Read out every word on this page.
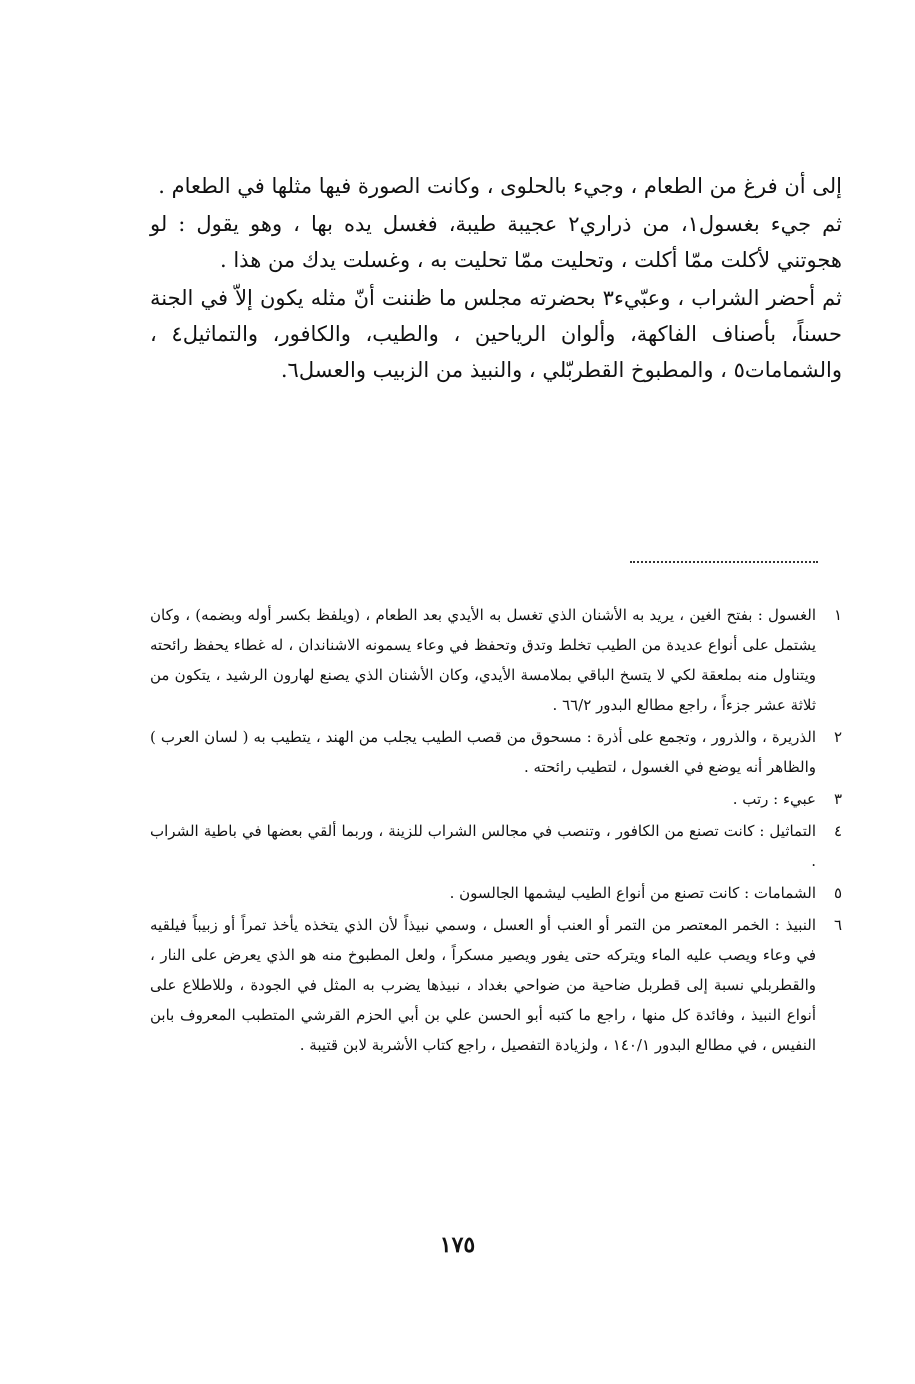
إلى أن فرغ من الطعام ، وجيء بالحلوى ، وكانت الصورة فيها مثلها في الطعام .

ثم جيء بغسول١، من ذراري٢ عجيبة طيبة، فغسل يده بها ، وهو يقول : لو هجوتني لأكلت ممّا أكلت ، وتحليت ممّا تحليت به ، وغسلت يدك من هذا .

ثم أحضر الشراب ، وعبّيء٣ بحضرته مجلس ما ظننت أنّ مثله يكون إلاّ في الجنة حسناً، بأصناف الفاكهة، وألوان الرياحين ، والطيب، والكافور، والتماثيل٤ ، والشمامات٥ ، والمطبوخ القطربّلي ، والنبيذ من الزبيب والعسل٦.

١
الغسول : بفتح الغين ، يريد به الأشنان الذي تغسل به الأيدي بعد الطعام ، (ويلفظ بكسر أوله وبضمه) ، وكان يشتمل على أنواع عديدة من الطيب تخلط وتدق وتحفظ في وعاء يسمونه الاشناندان ، له غطاء يحفظ رائحته ويتناول منه بملعقة لكي لا يتسخ الباقي بملامسة الأيدي، وكان الأشنان الذي يصنع لهارون الرشيد ، يتكون من ثلاثة عشر جزءاً ، راجع مطالع البدور ٦٦/٢ .
٢
الذريرة ، والذرور ، وتجمع على أذرة : مسحوق من قصب الطيب يجلب من الهند ، يتطيب به ( لسان العرب ) والظاهر أنه يوضع في الغسول ، لتطيب رائحته .
٣
عبيء : رتب .
٤
التماثيل : كانت تصنع من الكافور ، وتنصب في مجالس الشراب للزينة ، وربما ألقي بعضها في باطية الشراب .
٥
الشمامات : كانت تصنع من أنواع الطيب ليشمها الجالسون .
٦
النبيذ : الخمر المعتصر من التمر أو العنب أو العسل ، وسمي نبيذاً لأن الذي يتخذه يأخذ تمراً أو زبيباً فيلقيه في وعاء ويصب عليه الماء ويتركه حتى يفور ويصير مسكراً ، ولعل المطبوخ منه هو الذي يعرض على النار ، والقطربلي نسبة إلى قطربل ضاحية من ضواحي بغداد ، نبيذها يضرب به المثل في الجودة ، وللاطلاع على أنواع النبيذ ، وفائدة كل منها ، راجع ما كتبه أبو الحسن علي بن أبي الحزم القرشي المتطبب المعروف بابن النفيس ، في مطالع البدور ١٤٠/١ ، ولزيادة التفصيل ، راجع كتاب الأشربة لابن قتيبة .
١٧٥
